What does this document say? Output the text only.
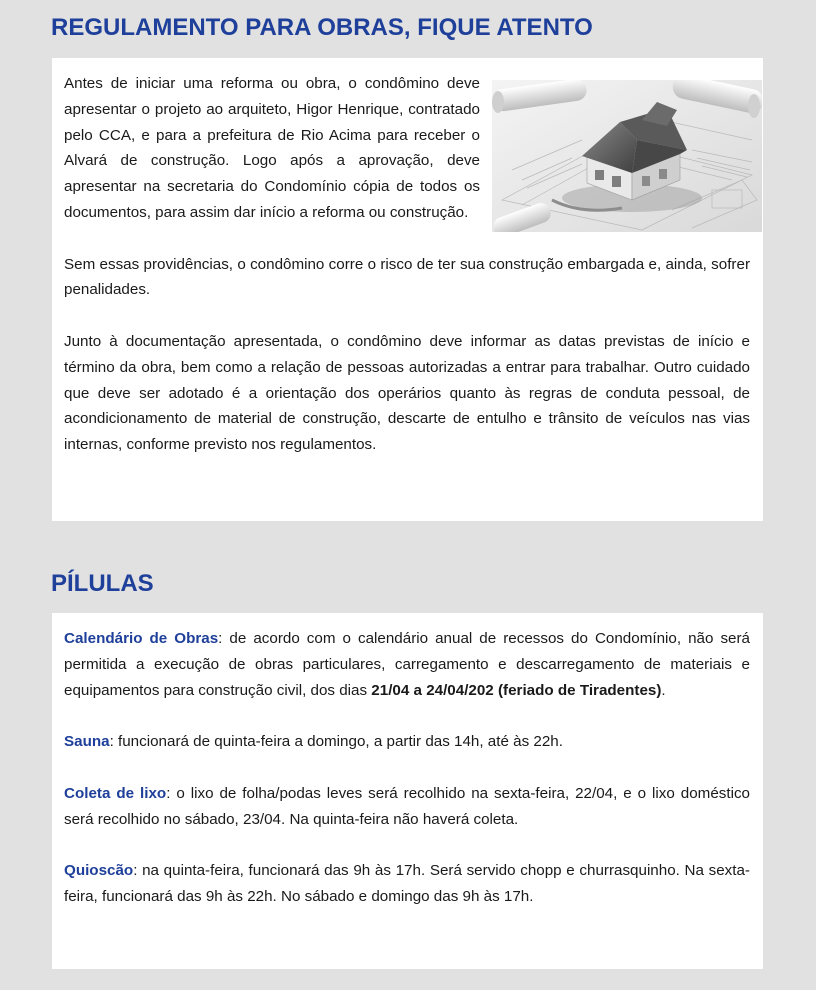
REGULAMENTO PARA OBRAS, FIQUE ATENTO

Antes de iniciar uma reforma ou obra, o condômino deve apresentar o projeto ao arquiteto, Higor Henrique, contratado pelo CCA, e para a prefeitura de Rio Acima para receber o Alvará de construção. Logo após a aprovação, deve apresentar na secretaria do Condomínio cópia de todos os documentos, para assim dar início a reforma ou construção.

Sem essas providências, o condômino corre o risco de ter sua construção embargada e, ainda, sofrer penalidades.

Junto à documentação apresentada, o condômino deve informar as datas previstas de início e término da obra, bem como a relação de pessoas autorizadas a entrar para trabalhar. Outro cuidado que deve ser adotado é a orientação dos operários quanto às regras de conduta pessoal, de acondicionamento de material de construção, descarte de entulho e trânsito de veículos nas vias internas, conforme previsto nos regulamentos.

PÍLULAS

Calendário de Obras: de acordo com o calendário anual de recessos do Condomínio, não será permitida a execução de obras particulares, carregamento e descarregamento de materiais e equipamentos para construção civil, dos dias 21/04 a 24/04/202 (feriado de Tiradentes).

Sauna: funcionará de quinta-feira a domingo, a partir das 14h, até às 22h.

Coleta de lixo: o lixo de folha/podas leves será recolhido na sexta-feira, 22/04, e o lixo doméstico será recolhido no sábado, 23/04. Na quinta-feira não haverá coleta.

Quioscão: na quinta-feira, funcionará das 9h às 17h. Será servido chopp e churrasquinho. Na sexta-feira, funcionará das 9h às 22h. No sábado e domingo das 9h às 17h.
